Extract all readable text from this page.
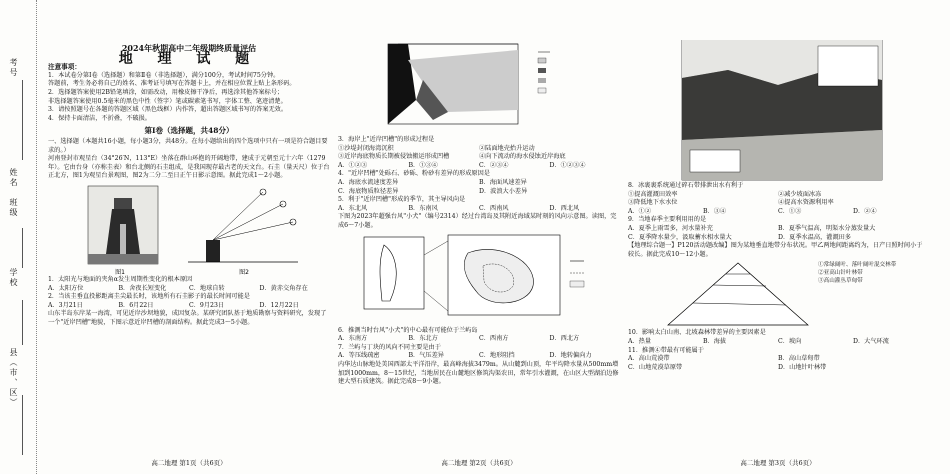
考号
姓名
班级
学校
县（市、区）
2024年秋期高中二年级期终质量评估
地 理 试 题

注意事项：

1．本试卷分第Ⅰ卷（选择题）和第Ⅱ卷（非选择题），满分100分，考试时间75分钟。

答题前，考生务必将自己的姓名、准考证号填写在答题卡上，并在相应位置上贴上条形码。

2．选择题答案使用2B铅笔填涂，如需改动，用橡皮擦干净后，再选涂其他答案标号；

非选择题答案使用0.5毫米的黑色中性（签字）笔或碳素笔书写，字体工整、笔迹清楚。

3．请按照题号在各题的答题区域（黑色线框）内作答，超出答题区域书写的答案无效。

4．保持卡面清洁，不折叠，不破损。

第Ⅰ卷（选择题，共48分）

一、选择题（本题共16小题，每小题3分，共48分。在每小题给出的四个选项中只有一项是符合题目要求的。）

河南登封市观星台（34°26′N，113°E）坐落在群山环抱的开阔地带，建成于元朝至元十六年（1279年）。它由台身（亦称圭表）和台北侧的石圭组成，是我国现存最古老的天文台。石圭（量天尺）位于台正北方，图1为观星台景观图，图2为二分二至日正午日影示意图。据此完成1～2小题。

图1	图2

1．太阳光与地面的夹角α发生周期性变化的根本原因

A．太阳方位	B．舍夜长短变化	C．地球自转	D．黄赤交角存在

2．当该圭垂直投影距离圭尖最长时，该地所有石圭影子的最长时间可能是

A．3月21日	B．6月22日	C．9月23日	D．12月22日

山东半岛东岸某一海湾，可见近岸沙坝地貌，成因复杂。某研究团队基于地质勘察与资料研究，发现了一个"近岸凹槽"地貌，下图示意近岸凹槽的剖面结构。据此完成3～5小题。

高二地理 第1页（共6页）

3．海岸上"近岸凹槽"的形成过程是

①沙堤封闭海湾沉积	②陆面地壳抬升运动
③近岸海底物质长期被侵蚀搬运形成凹槽	④向下流动的海水侵蚀近岸海底
A．①②③	B．①③④	C．②③④	D．①②③④

4．"近岸凹槽"处砾石、砂砾、粉砂有差异的形成原因是

A．海底水流速度差异	B．海面风速差异
C．海底物质粒径差异	D．波浪大小差异

5．利于"近岸凹槽"形成的季节，其主导风向是

A．东北风	B．东南风	C．西南风	D．西北风

下图为2023年超强台风"小犬"（编号2314）经过台湾岛及其附近海域某时刻的风向示意图。读图，完成6～7小题。

6．推测当时台风"小犬"的中心最有可能位于兰屿岛

A．东南方	B．东北方	C．西南方	D．西北方

7．兰屿与丁块的风向不同主要是由于

A．等压线疏密	B．气压差异	C．地形阻挡	D．地转偏向力

内华达山脉地处美国西部太平洋沿岸，最高峰海拔3479m。从山麓到山顶，年平均降水量从500mm增加到1000mm，8～15世纪，当地居民在山麓地区修筑沟渠农田，常年引水灌溉，在山区大型湖泊边修建大型石质建筑。据此完成8～9小题。

高二地理 第2页（共6页）

8．冰裹裹系统通过碎石带排泄出水有利于

①提高灌溉田效率	②减少坡面冰冻
③降低地下水水位	④提高水资源利用率
A．①②	B．③④	C．①③	D．②④

9．当地春季主要利用用的是

A．夏季上雨雪多，河水量补充	B．夏季气温高，明渠水分蒸发量大
C．夏季降水量少，汲取蓄水相水量大	D．夏季水温高，灌溉田多

【地理综合题一】P120活动题改编】图为某地垂直地带分布状况。甲乙两地间距离约为，日产日照时间小于较长。据此完成10～12小题。

①常绿阔叶、落叶阔叶混交林带

②亚高山针叶林带

③高山灌丛草甸带

10．影响太白山南、北坡森林带差异的主要因素是

A．热量	B．海拔	C．坡向	D．大气环流

11．推测④带最有可能属于

A．高山荒漠带	B．高山草甸带
C．山地荒漠草原带	D．山地针叶林带
高二地理 第3页（共6页）
